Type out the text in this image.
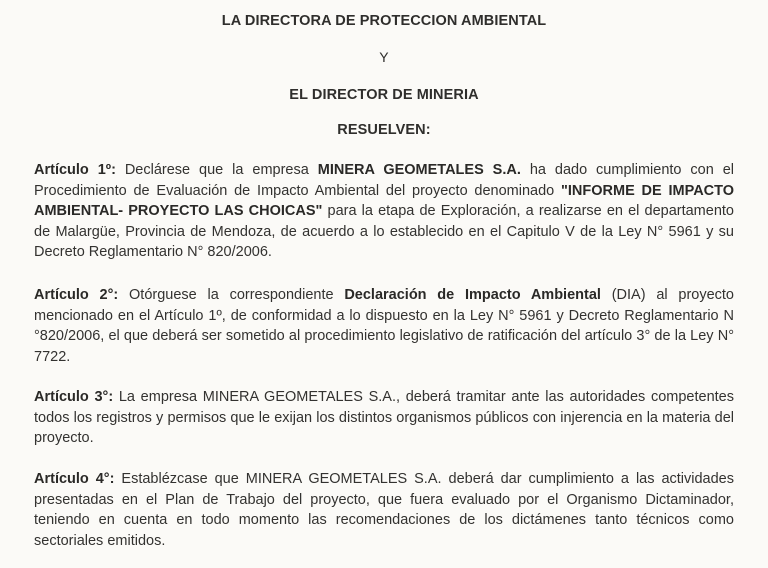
LA DIRECTORA DE PROTECCION AMBIENTAL
Y
EL DIRECTOR DE MINERIA
RESUELVEN:

Artículo 1º: Declárese que la empresa MINERA GEOMETALES S.A. ha dado cumplimiento con el Procedimiento de Evaluación de Impacto Ambiental del proyecto denominado "INFORME DE IMPACTO AMBIENTAL- PROYECTO LAS CHOICAS" para la etapa de Exploración, a realizarse en el departamento de Malargüe, Provincia de Mendoza, de acuerdo a lo establecido en el Capitulo V de la Ley N° 5961 y su Decreto Reglamentario N° 820/2006.

Artículo 2°: Otórguese la correspondiente Declaración de Impacto Ambiental (DIA) al proyecto mencionado en el Artículo 1º, de conformidad a lo dispuesto en la Ley N° 5961 y Decreto Reglamentario N °820/2006, el que deberá ser sometido al procedimiento legislativo de ratificación del artículo 3° de la Ley N° 7722.

Artículo 3°: La empresa MINERA GEOMETALES S.A., deberá tramitar ante las autoridades competentes todos los registros y permisos que le exijan los distintos organismos públicos con injerencia en la materia del proyecto.

Artículo 4°: Establézcase que MINERA GEOMETALES S.A. deberá dar cumplimiento a las actividades presentadas en el Plan de Trabajo del proyecto, que fuera evaluado por el Organismo Dictaminador, teniendo en cuenta en todo momento las recomendaciones de los dictámenes tanto técnicos como sectoriales emitidos.
